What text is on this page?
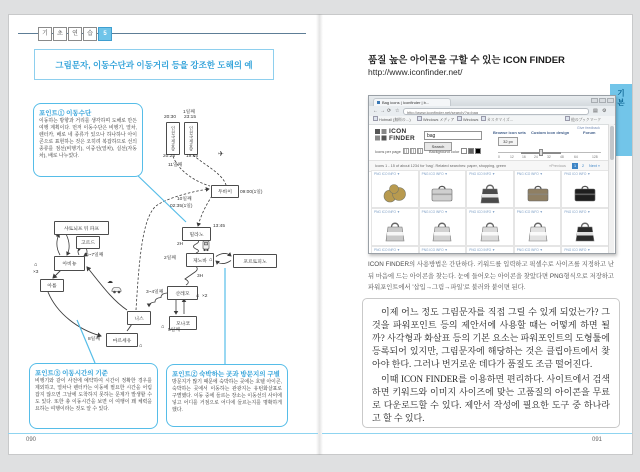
기	초	연	습	5
그림문자, 이동수단과 이동거리 등을 강조한 도해의 예
포인트① 이동수단
이동하는 방향과 거리를 생각하며 도해로 만든 여행 계획이다. 먼저 이동수단은 비행기, 열차, 렌터카, 배로 네 종류가 있으나 하나하나 아이콘으로 표현하는 것은 오히려 복잡하므로 선의 종류를 점선(비행기), 이중선(열차), 실선(자동차), 배로 나누었다.
포인트③ 이동시간의 기준
비행기와 같이 사전에 예약하여 시간이 정확한 경우를 제외하고, 열차나 렌터카는 이동에 필요한 시간을 어림잡지 않으면 그날에 도착하지 못하는 문제가 발생할 수도 있다. 또한 총 이동시간을 보면 이 여행이 꽤 체력을 요하는 여행이라는 것도 알 수 있다.
포인트② 숙박하는 곳과 방문지의 구별
방문지가 많기 때문에 숙박하는 곳에는 호텔 아이콘, 숙박하는 곳에서 이동하는 관광지는 유턴화살표로 구별했다. 이동 중에 들르는 장소는 이동선의 사이에 넣고 어디를 거점으로 어디에 들르는지를 명확하게 했다.
인천국제공항	인천국제공항
두바이
밀라노
제노바	포르토피노
산레모
모나코
니스
마르세유
아를
아비뇽
고르드
샤토뇌프 뒤 파프
1일째
20:30 23:15
20:25 19:15
11일째
✈
09:00(1일)
10일째
02:35(1일)
13:45
2H
2일째
3H
3~4일째
⌂ ×2
⌂
⌂
5일째
8일째
⌂
6~7일째
⌂
×3
☁
090
기본
품질 높은 아이콘을 구할 수 있는 ICON FINDER
http://www.iconfinder.net/
Bag icons | Iconfinder | b...
← → ⟳ ☆	http://www.iconfinder.net/search/?q=bag	▤ ⚙
Hotmail (無料の…)	Windows メディア	Windows	カスタマイズ…	他のブックマーク
Give feedback
ICON
FINDER
bag
Search
Browse icon sets Custom icon design	Forum
32 px
Icons per page	Background color
0	12 16 24	32	48	64	128
Icons 1 - 15 of about 1234 for 'bag'. Related searches: paper, shopping, green	«Previous	1	2	Next »
PNG ICO INFO ▼	PNG ICO INFO ▼	PNG ICO INFO ▼	PNG ICO INFO ▼	PNG ICO INFO ▼
PNG ICO INFO ▼	PNG ICO INFO ▼	PNG ICO INFO ▼	PNG ICO INFO ▼	PNG ICO INFO ▼
PNG ICO INFO ▼	PNG ICO INFO ▼	PNG ICO INFO ▼	PNG ICO INFO ▼	PNG ICO INFO ▼
ICON FINDER의 사용방법은 간단하다. 키워드를 입력하고 픽셀수로 사이즈를 지정하고 난 뒤 마음에 드는 아이콘을 찾는다. 눈에 들어오는 아이콘을 찾았다면 PNG형식으로 저장하고 파워포인트에서 '삽입→그림→파일'로 불러와 붙이면 된다.

이제 어느 정도 그림문자를 직접 그릴 수 있게 되었는가? 그것을 파워포인트 등의 제안서에 사용할 때는 어떻게 하면 될까? 사각형과 화살표 등의 기본 요소는 파워포인트의 도형툴에 등록되어 있지만, 그림문자에 해당하는 것은 클립아트에서 찾아야 한다. 그러나 번거로운 데다가 품질도 조금 떨어진다.

이때 ICON FINDER를 이용하면 편리하다. 사이트에서 검색하면 키워드와 이미지 사이즈에 맞는 고품질의 아이콘을 무료로 다운로드할 수 있다. 제안서 작성에 필요한 도구 중 하나라고 할 수 있다.

091
